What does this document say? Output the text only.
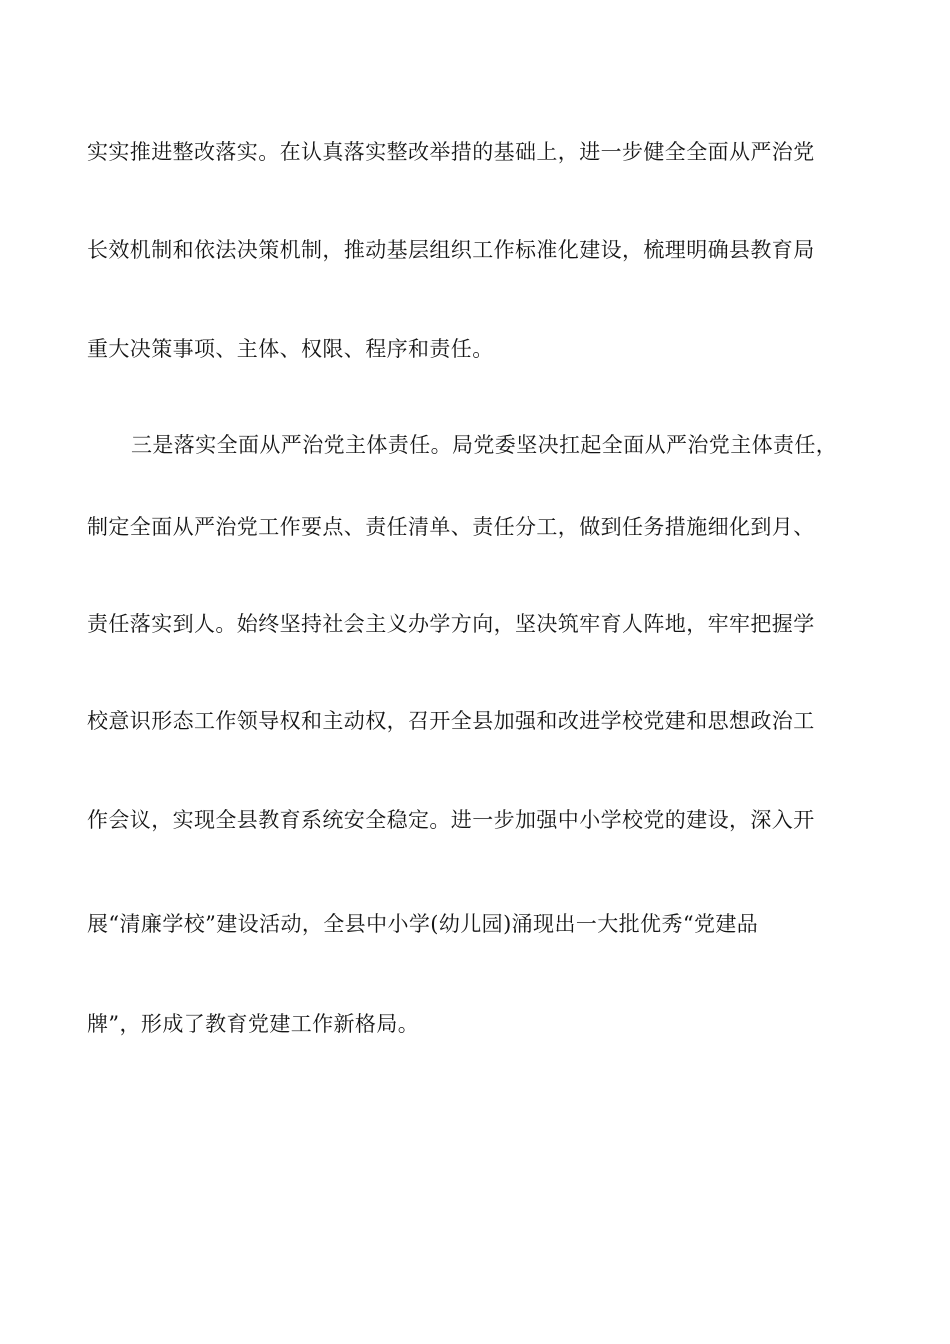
实实推进整改落实。在认真落实整改举措的基础上，进一步健全全面从严治党
长效机制和依法决策机制，推动基层组织工作标准化建设，梳理明确县教育局
重大决策事项、主体、权限、程序和责任。
三是落实全面从严治党主体责任。局党委坚决扛起全面从严治党主体责任，
制定全面从严治党工作要点、责任清单、责任分工，做到任务措施细化到月、
责任落实到人。始终坚持社会主义办学方向，坚决筑牢育人阵地，牢牢把握学
校意识形态工作领导权和主动权，召开全县加强和改进学校党建和思想政治工
作会议，实现全县教育系统安全稳定。进一步加强中小学校党的建设，深入开
展“清廉学校”建设活动，全县中小学(幼儿园)涌现出一大批优秀“党建品
牌”，形成了教育党建工作新格局。
